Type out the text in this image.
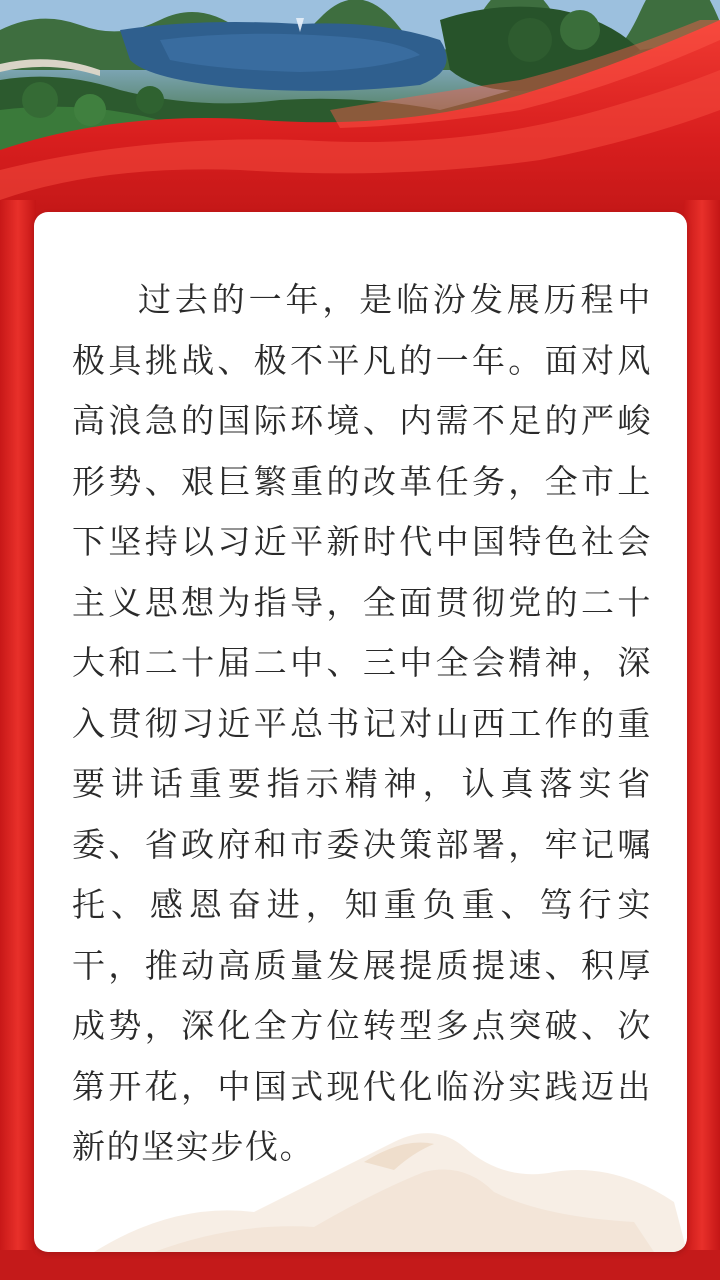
过去的一年，是临汾发展历程中极具挑战、极不平凡的一年。面对风高浪急的国际环境、内需不足的严峻形势、艰巨繁重的改革任务，全市上下坚持以习近平新时代中国特色社会主义思想为指导，全面贯彻党的二十大和二十届二中、三中全会精神，深入贯彻习近平总书记对山西工作的重要讲话重要指示精神，认真落实省委、省政府和市委决策部署，牢记嘱托、感恩奋进，知重负重、笃行实干，推动高质量发展提质提速、积厚成势，深化全方位转型多点突破、次第开花，中国式现代化临汾实践迈出新的坚实步伐。
